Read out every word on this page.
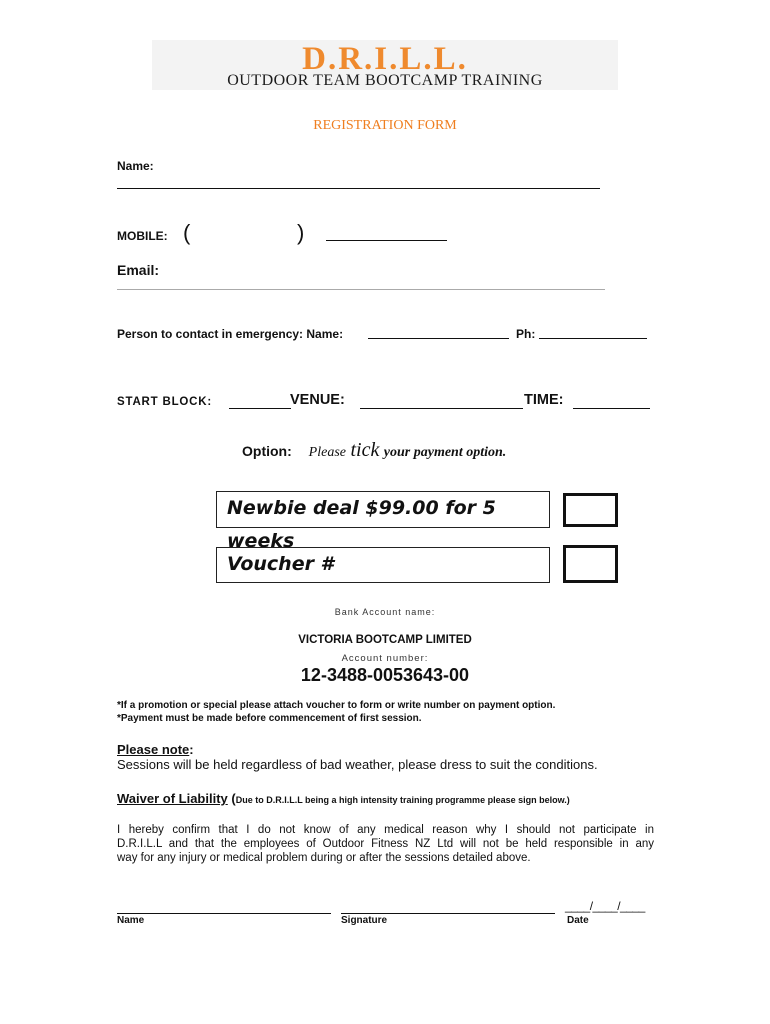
D.R.I.L.L.
OUTDOOR TEAM BOOTCAMP TRAINING
REGISTRATION FORM
Name:
MOBILE: (	)
Email:
Person to contact in emergency: Name:	Ph:
START BLOCK:	VENUE:	TIME:
Option: Please tick your payment option.
Newbie deal $99.00 for 5 weeks
Voucher #
Bank Account name:
VICTORIA BOOTCAMP LIMITED
Account number:
12-3488-0053643-00
*If a promotion or special please attach voucher to form or write number on payment option.
*Payment must be made before commencement of first session.
Please note:
Sessions will be held regardless of bad weather, please dress to suit the conditions.
Waiver of Liability (Due to D.R.I.L.L being a high intensity training programme please sign below.)
I hereby confirm that I do not know of any medical reason why I should not participate in
D.R.I.L.L and that the employees of Outdoor Fitness NZ Ltd will not be held responsible in any
way for any injury or medical problem during or after the sessions detailed above.
____/____/____
Name	Signature	Date
